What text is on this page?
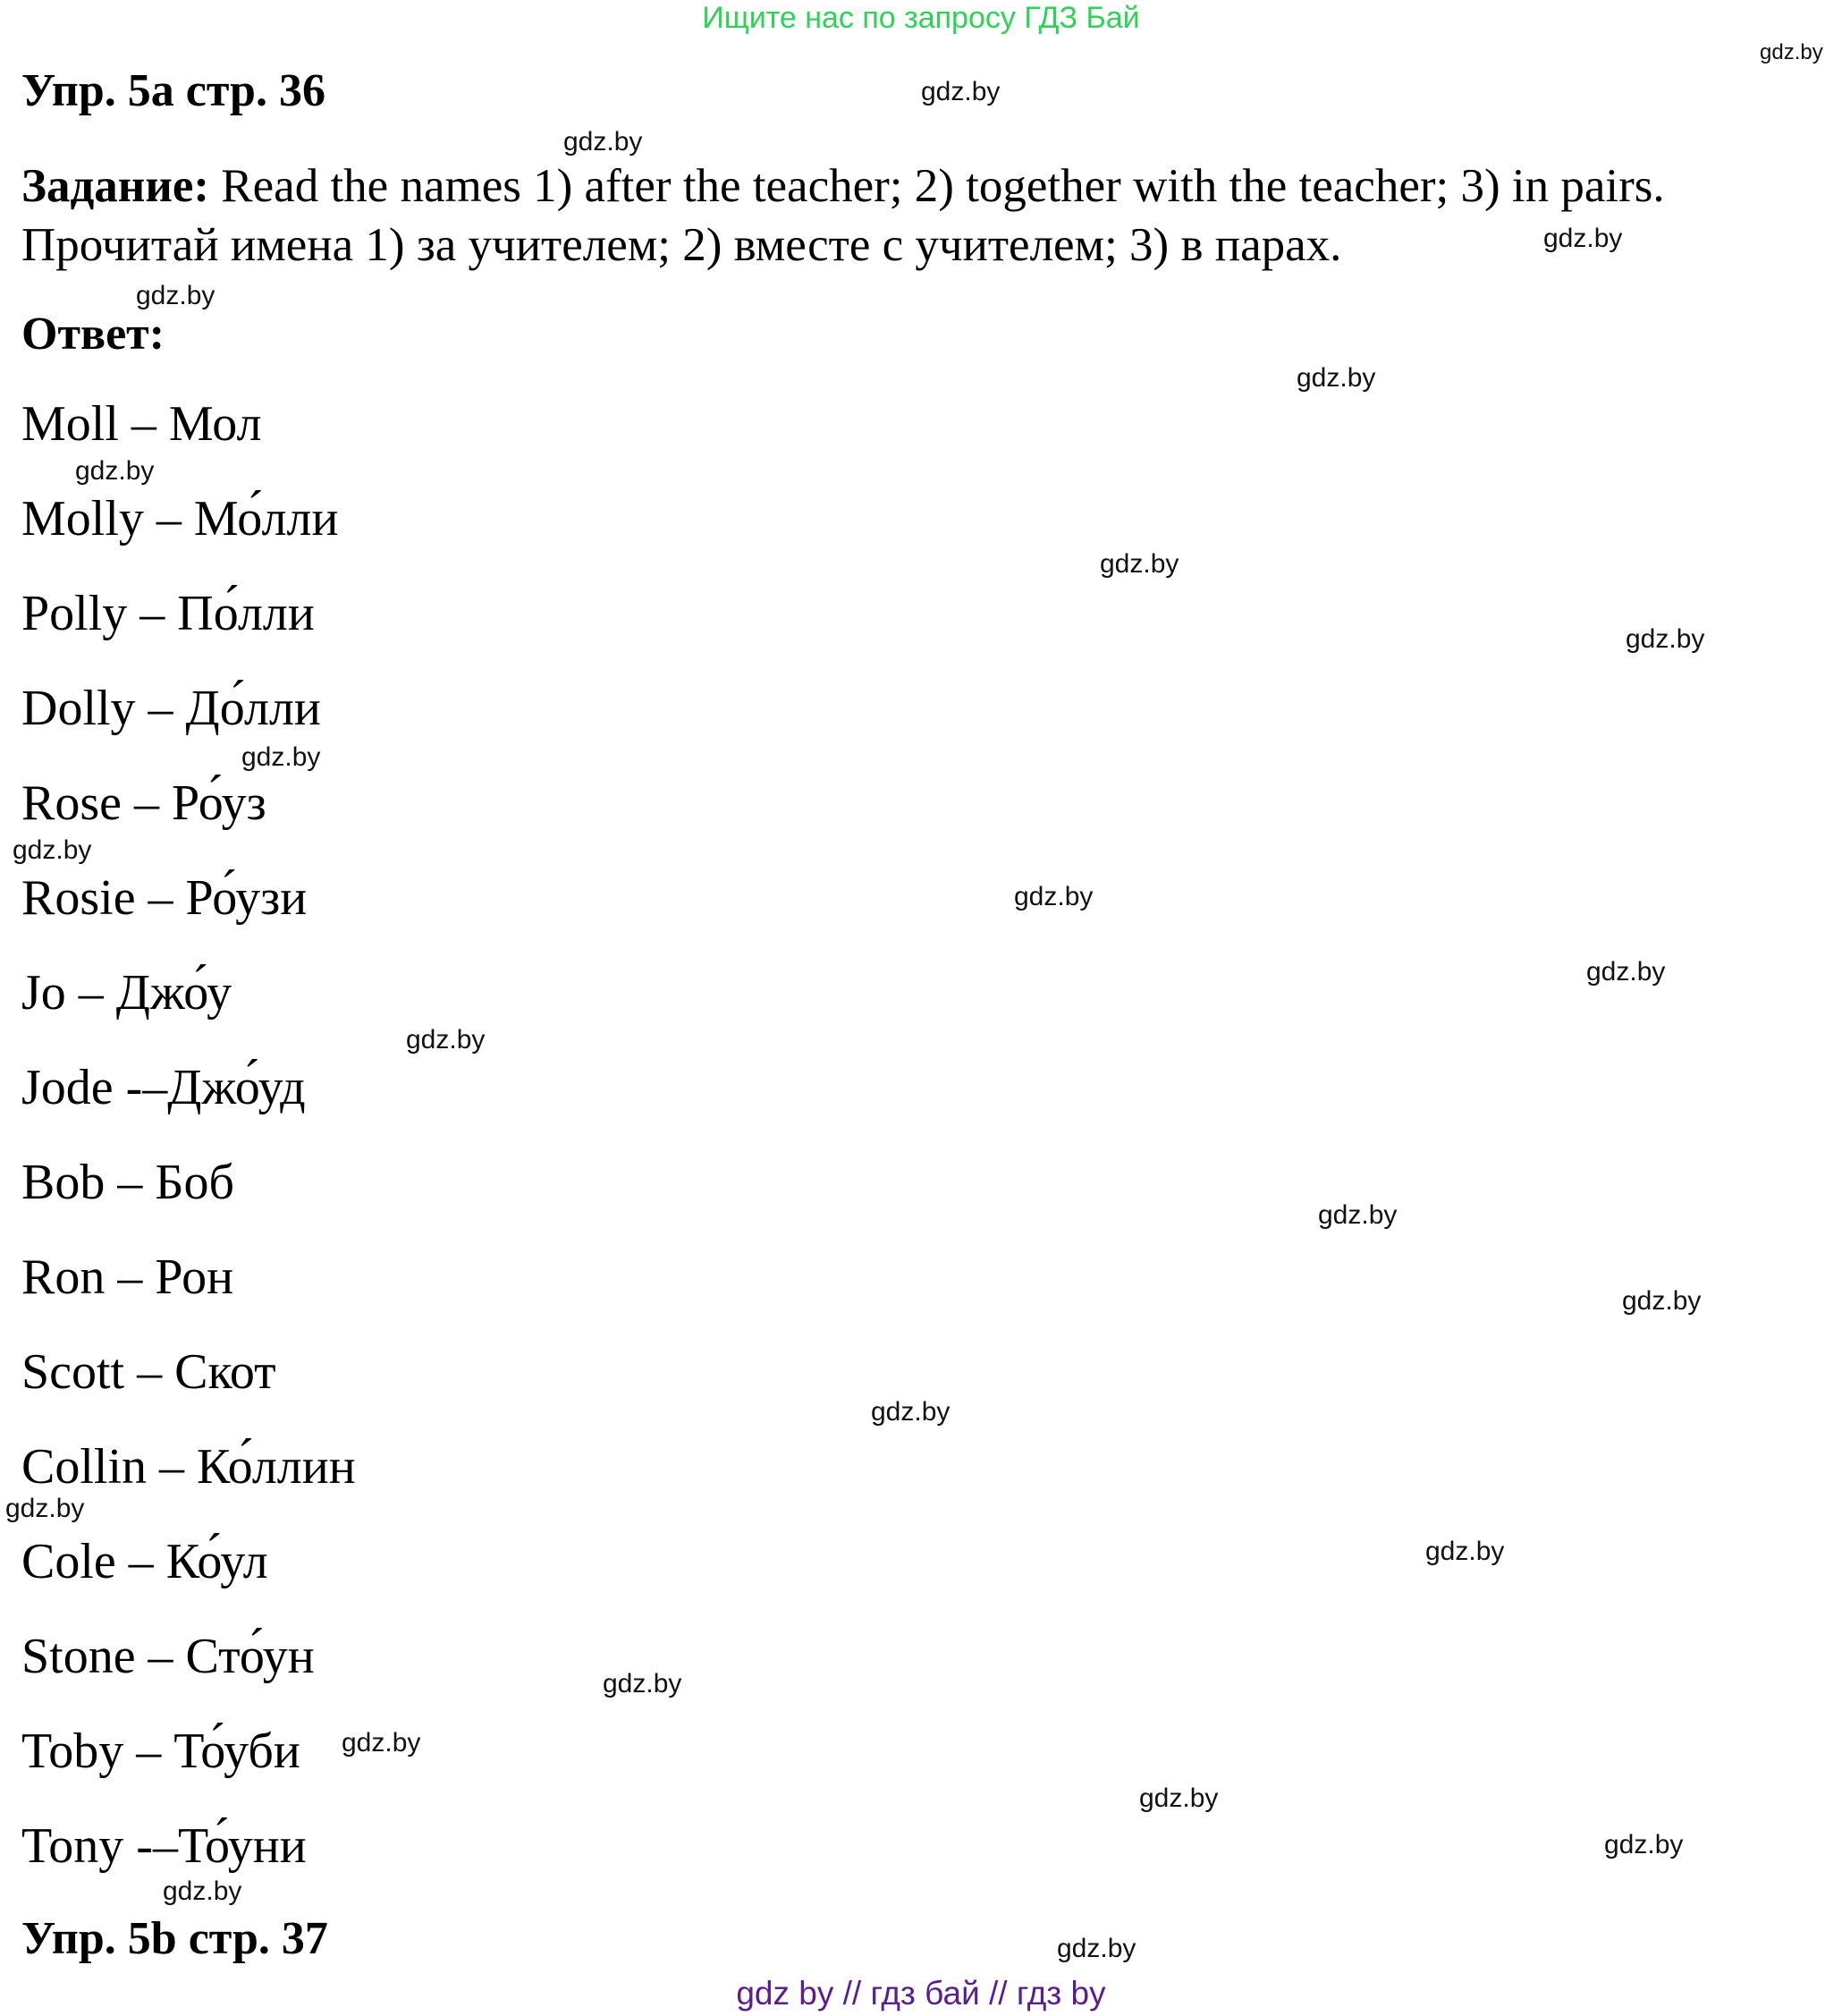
Ищите нас по запросу ГДЗ Бай
Упр. 5a стр. 36
Задание: Read the names 1) after the teacher; 2) together with the teacher; 3) in pairs.
Прочитай имена 1) за учителем; 2) вместе с учителем; 3) в парах.
Ответ:
Moll – Мол
Molly – Мо́лли
Polly – По́лли
Dolly – До́лли
Rose – Ро́уз
Rosie – Ро́узи
Jo – Джо́у
Jode -–Джо́уд
Bob – Боб
Ron – Рон
Scott – Скот
Collin – Ко́ллин
Cole – Ко́ул
Stone – Сто́ун
Toby – То́уби
Tony -–То́уни
Упр. 5b стр. 37
gdz.by
gdz.by
gdz.by
gdz.by
gdz.by
gdz.by
gdz.by
gdz.by
gdz.by
gdz.by
gdz.by
gdz.by
gdz.by
gdz.by
gdz.by
gdz.by
gdz.by
gdz.by
gdz.by
gdz.by
gdz.by
gdz.by
gdz.by
gdz.by
gdz.by
gdz by // гдз бай // гдз by
